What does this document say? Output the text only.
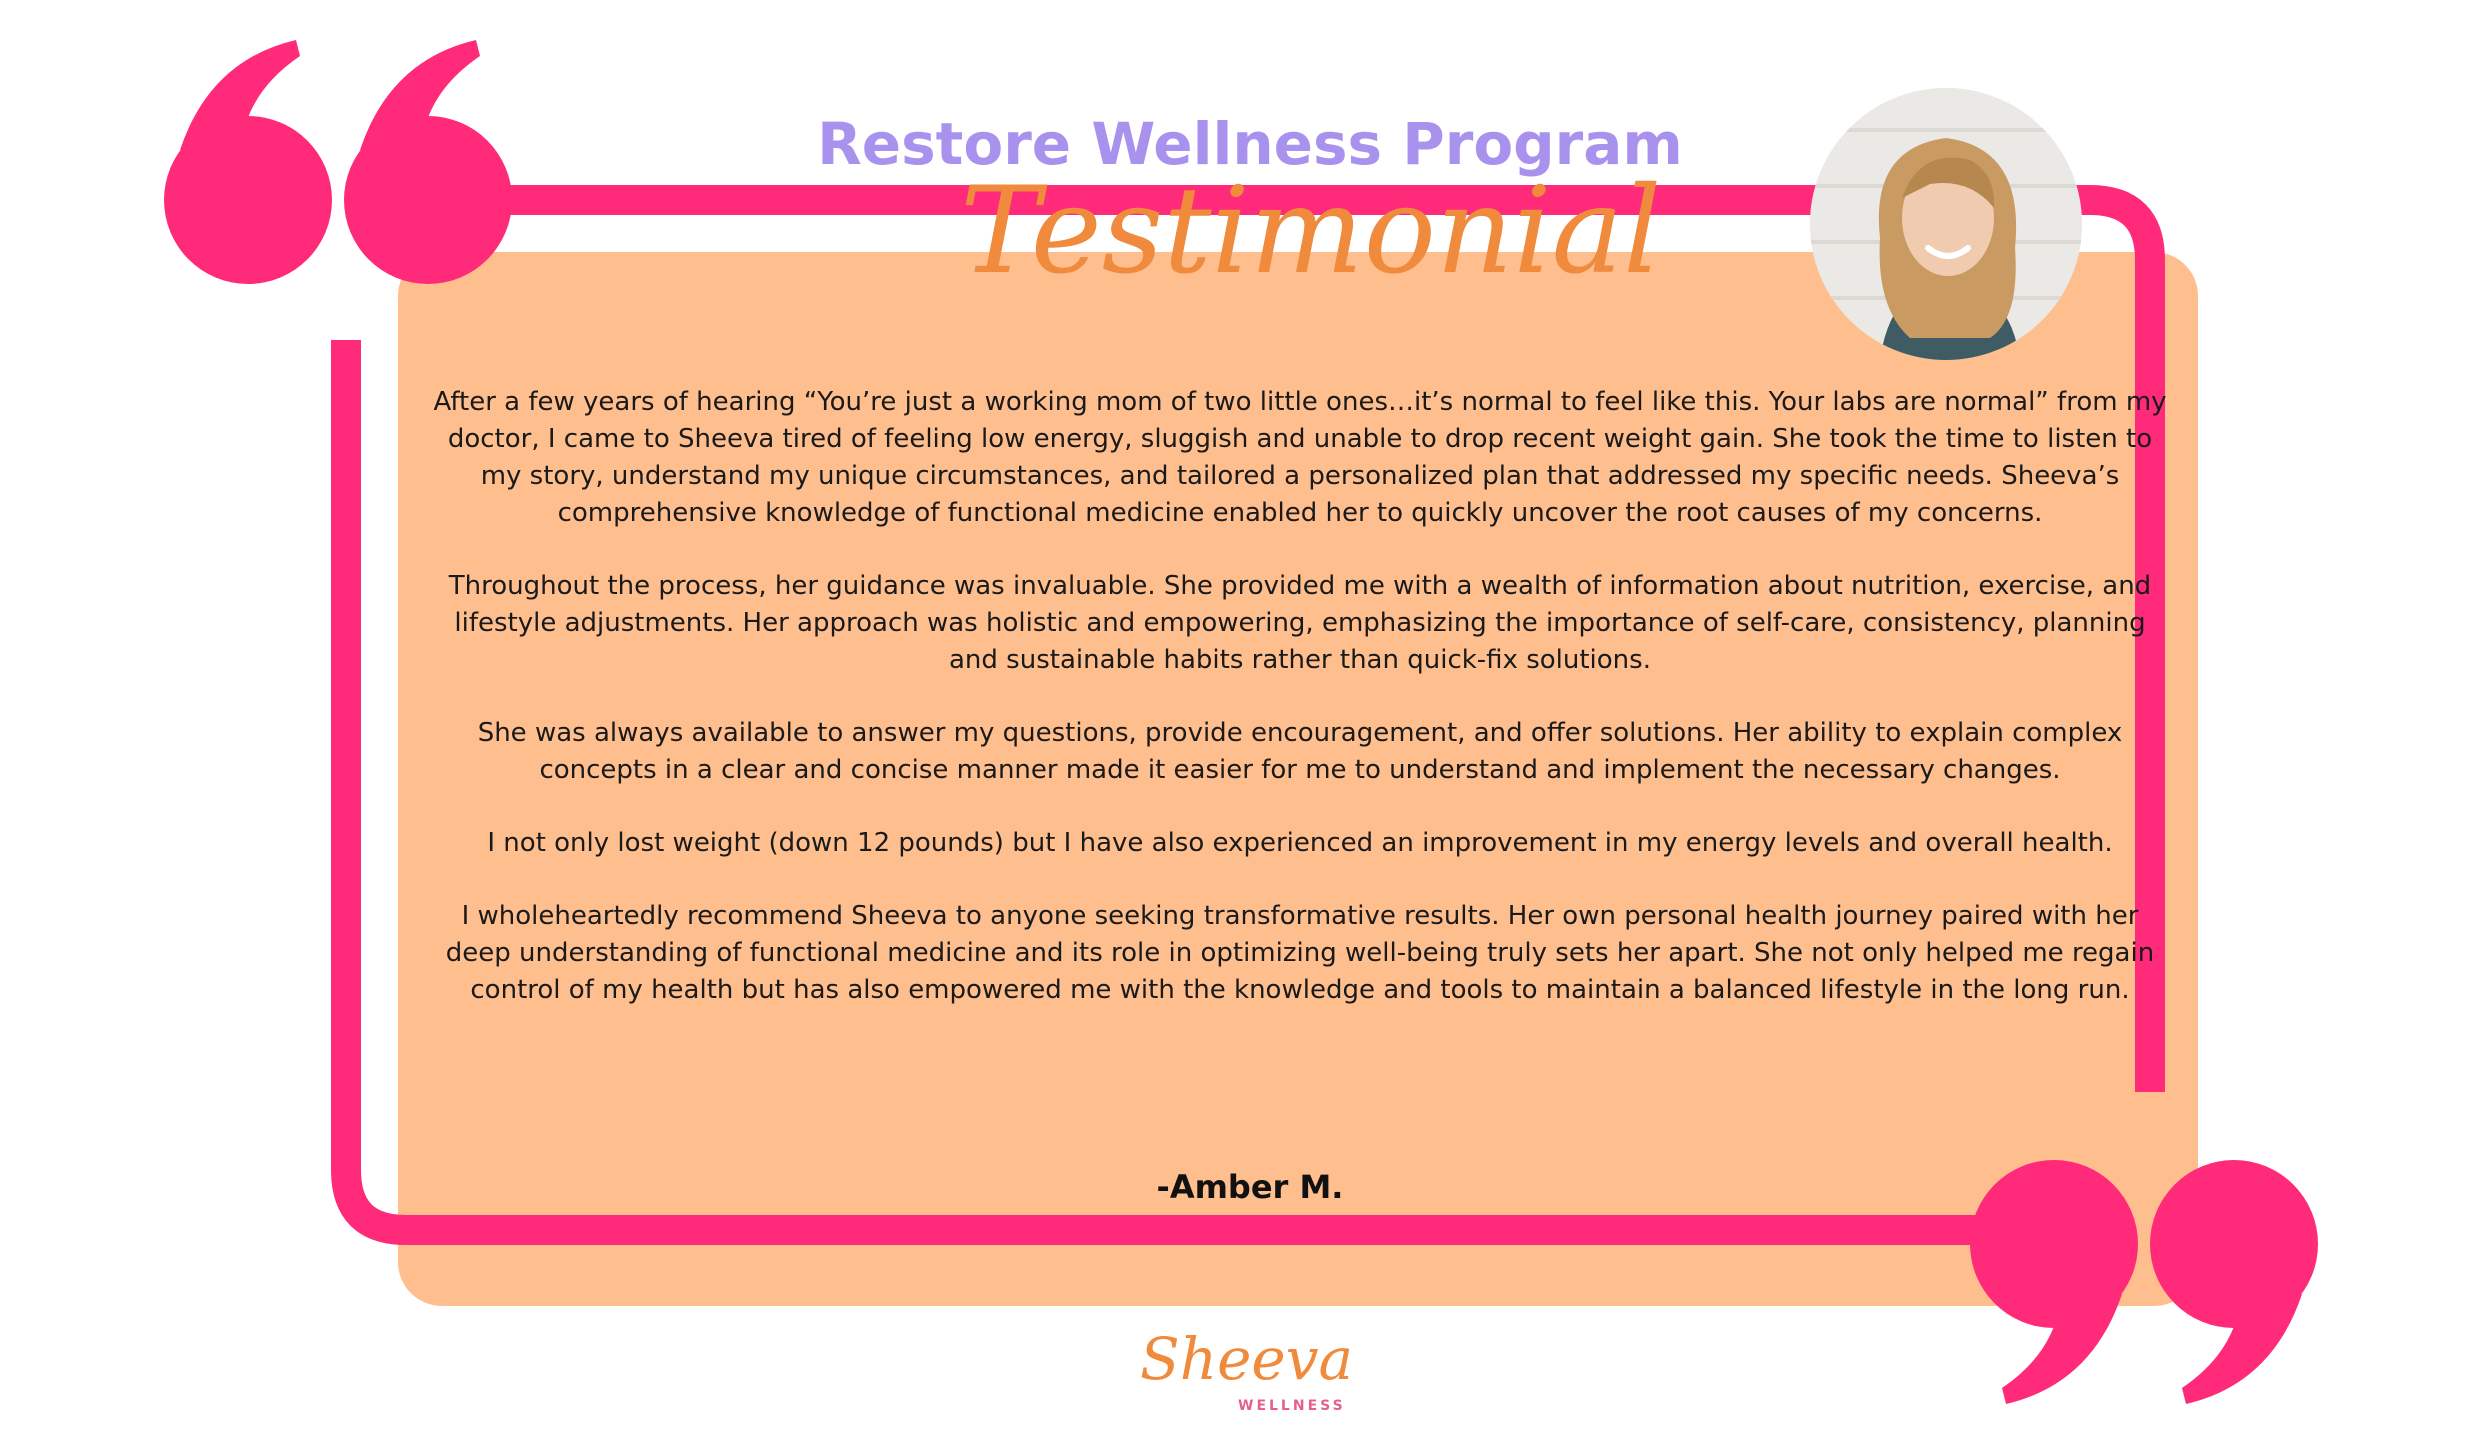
Restore Wellness Program
Testimonial

After a few years of hearing “You’re just a working mom of two little ones…it’s normal to feel like this. Your labs are normal” from my doctor, I came to Sheeva tired of feeling low energy, sluggish and unable to drop recent weight gain. She took the time to listen to my story, understand my unique circumstances, and tailored a personalized plan that addressed my specific needs. Sheeva’s comprehensive knowledge of functional medicine enabled her to quickly uncover the root causes of my concerns.

Throughout the process, her guidance was invaluable. She provided me with a wealth of information about nutrition, exercise, and lifestyle adjustments. Her approach was holistic and empowering, emphasizing the importance of self-care, consistency, planning and sustainable habits rather than quick-fix solutions.

She was always available to answer my questions, provide encouragement, and offer solutions. Her ability to explain complex concepts in a clear and concise manner made it easier for me to understand and implement the necessary changes.

I not only lost weight (down 12 pounds) but I have also experienced an improvement in my energy levels and overall health.

I wholeheartedly recommend Sheeva to anyone seeking transformative results. Her own personal health journey paired with her deep understanding of functional medicine and its role in optimizing well-being truly sets her apart. She not only helped me regain control of my health but has also empowered me with the knowledge and tools to maintain a balanced lifestyle in the long run.

-Amber M.
Sheeva
WELLNESS
